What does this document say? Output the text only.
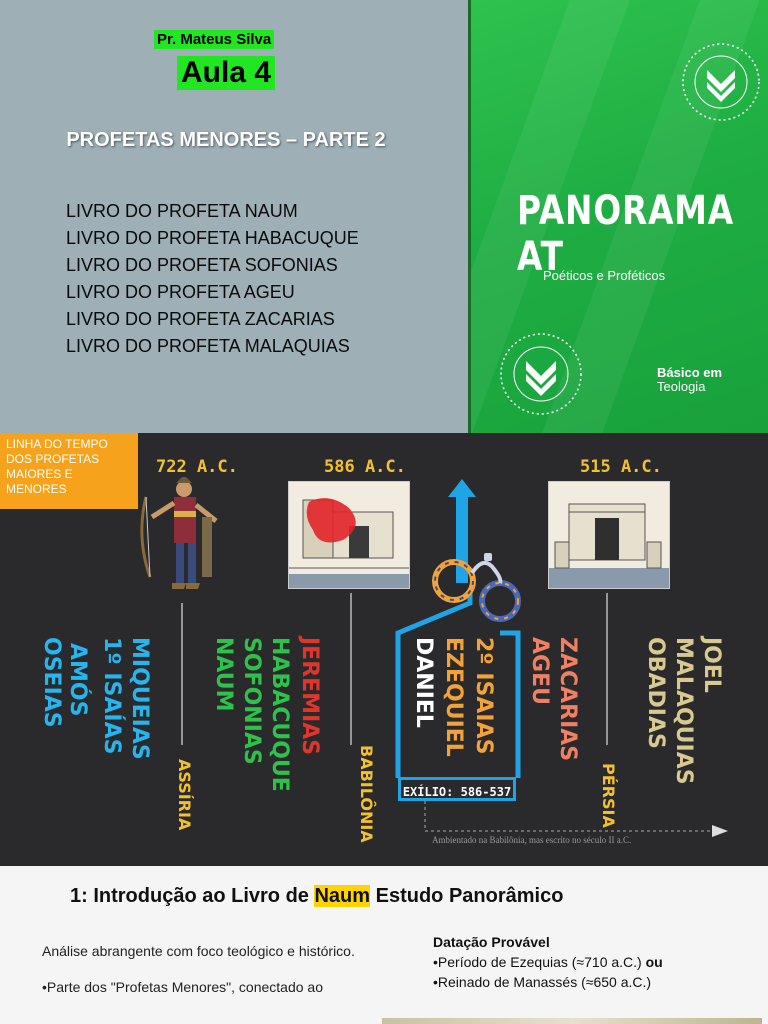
Pr. Mateus Silva
Aula 4
PROFETAS MENORES – PARTE 2
LIVRO DO PROFETA NAUM
LIVRO DO PROFETA HABACUQUE
LIVRO DO PROFETA SOFONIAS
LIVRO DO PROFETA AGEU
LIVRO DO PROFETA ZACARIAS
LIVRO DO PROFETA MALAQUIAS
PANORAMA AT
Poéticos e Proféticos
Básico em
Teologia
LINHA DO TEMPO DOS PROFETAS MAIORES E MENORES
722 A.C.	586 A.C.	515 A.C.
OSEIAS AMÓS 1º ISAÍAS MIQUEIAS	NAUM SOFONIAS HABACUQUE JEREMIAS	DANIEL EZEQUIEL 2º ISAIAS AGEU ZACARIAS	OBADIAS MALAQUIAS JOEL
ASSÍRIA	BABILÔNIA	PÉRSIA
EXÍLIO: 586-537
Ambientado na Babilônia, mas escrito no século II a.C.
1: Introdução ao Livro de Naum Estudo Panorâmico

Análise abrangente com foco teológico e histórico.

•Parte dos "Profetas Menores", conectado ao

Datação Provável
•Período de Ezequias (≈710 a.C.) ou
•Reinado de Manassés (≈650 a.C.)
